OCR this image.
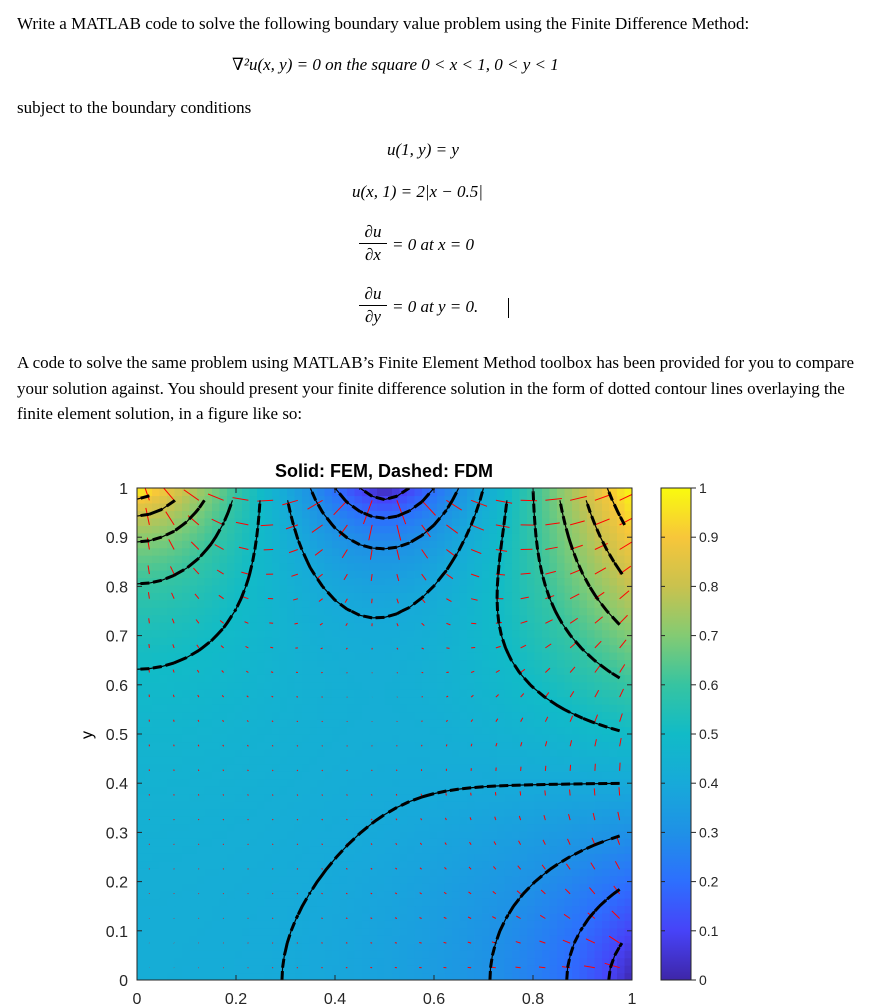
Write a MATLAB code to solve the following boundary value problem using the Finite Difference Method:
∇²u(x, y) = 0 on the square 0 < x < 1, 0 < y < 1
subject to the boundary conditions
u(1, y) = y
u(x, 1) = 2|x − 0.5|
∂u
∂x
= 0 at x = 0
∂u
∂y
= 0 at y = 0.
A code to solve the same problem using MATLAB’s Finite Element Method toolbox has been provided for you to compare your solution against. You should present your finite difference solution in the form of dotted contour lines overlaying the finite element solution, in a figure like so:
Solid: FEM, Dashed: FDM
0
0.1
0.2
0.3
0.4
0.5
0.6
0.7
0.8
0.9
1
0	0.2	0.4	0.6	0.8	1
y
0
0.1
0.2
0.3
0.4
0.5
0.6
0.7
0.8
0.9
1
